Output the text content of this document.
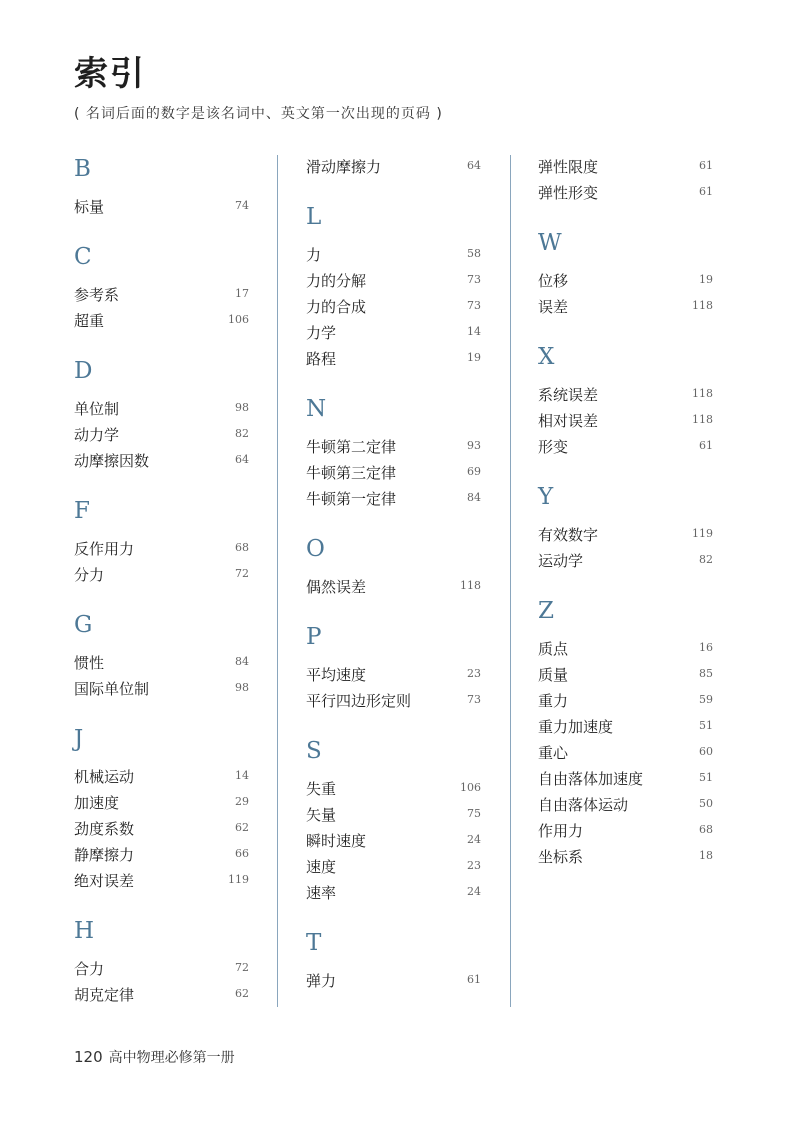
索引

( 名词后面的数字是该名词中、英文第一次出现的页码 )

B
标量	74
C
参考系	17
超重	106
D
单位制	98
动力学	82
动摩擦因数	64
F
反作用力	68
分力	72
G
惯性	84
国际单位制	98
J
机械运动	14
加速度	29
劲度系数	62
静摩擦力	66
绝对误差	119
H
合力	72
胡克定律	62
滑动摩擦力	64
L
力	58
力的分解	73
力的合成	73
力学	14
路程	19
N
牛顿第二定律	93
牛顿第三定律	69
牛顿第一定律	84
O
偶然误差	118
P
平均速度	23
平行四边形定则	73
S
失重	106
矢量	75
瞬时速度	24
速度	23
速率	24
T
弹力	61
弹性限度	61
弹性形变	61
W
位移	19
误差	118
X
系统误差	118
相对误差	118
形变	61
Y
有效数字	119
运动学	82
Z
质点	16
质量	85
重力	59
重力加速度	51
重心	60
自由落体加速度	51
自由落体运动	50
作用力	68
坐标系	18
120 高中物理必修第一册
